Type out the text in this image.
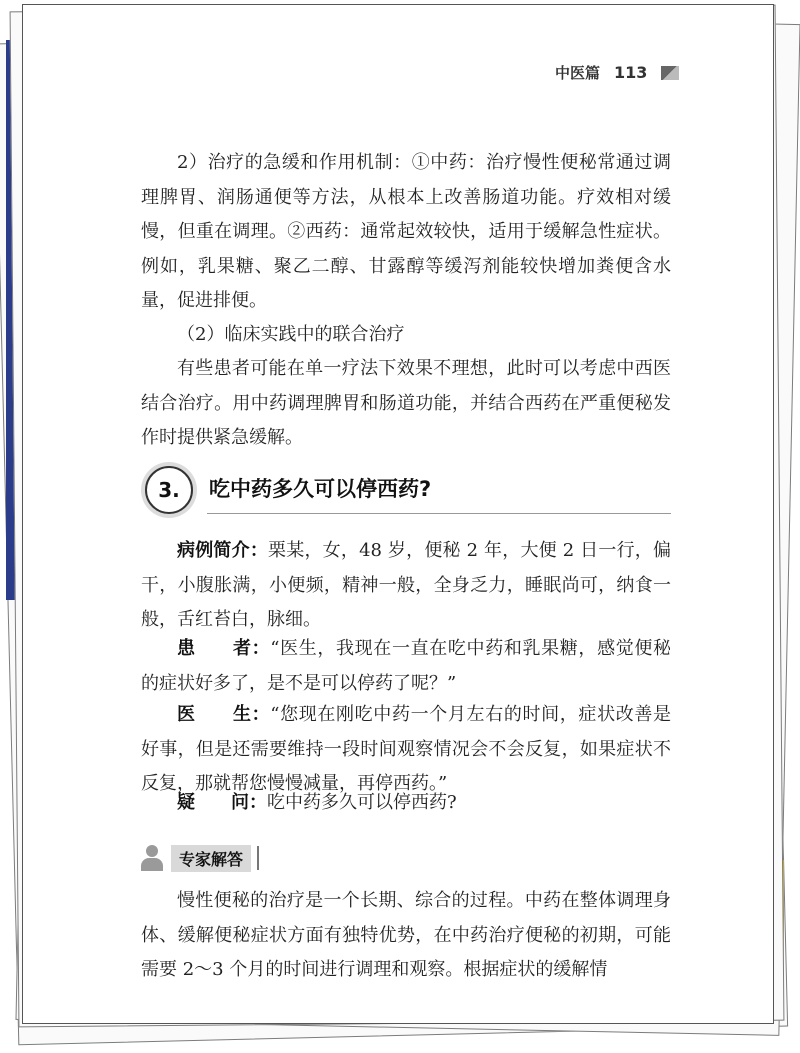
中医篇 113

2）治疗的急缓和作用机制：①中药：治疗慢性便秘常通过调理脾胃、润肠通便等方法，从根本上改善肠道功能。疗效相对缓慢，但重在调理。②西药：通常起效较快，适用于缓解急性症状。例如，乳果糖、聚乙二醇、甘露醇等缓泻剂能较快增加粪便含水量，促进排便。

（2）临床实践中的联合治疗

有些患者可能在单一疗法下效果不理想，此时可以考虑中西医结合治疗。用中药调理脾胃和肠道功能，并结合西药在严重便秘发作时提供紧急缓解。

3.	吃中药多久可以停西药?

病例简介：栗某，女，48 岁，便秘 2 年，大便 2 日一行，偏干，小腹胀满，小便频，精神一般，全身乏力，睡眠尚可，纳食一般，舌红苔白，脉细。

患　　者：“医生，我现在一直在吃中药和乳果糖，感觉便秘的症状好多了，是不是可以停药了呢？”

医　　生：“您现在刚吃中药一个月左右的时间，症状改善是好事，但是还需要维持一段时间观察情况会不会反复，如果症状不反复，那就帮您慢慢减量，再停西药。”

疑　　问：吃中药多久可以停西药?

专家解答

慢性便秘的治疗是一个长期、综合的过程。中药在整体调理身体、缓解便秘症状方面有独特优势，在中药治疗便秘的初期，可能需要 2～3 个月的时间进行调理和观察。根据症状的缓解情
